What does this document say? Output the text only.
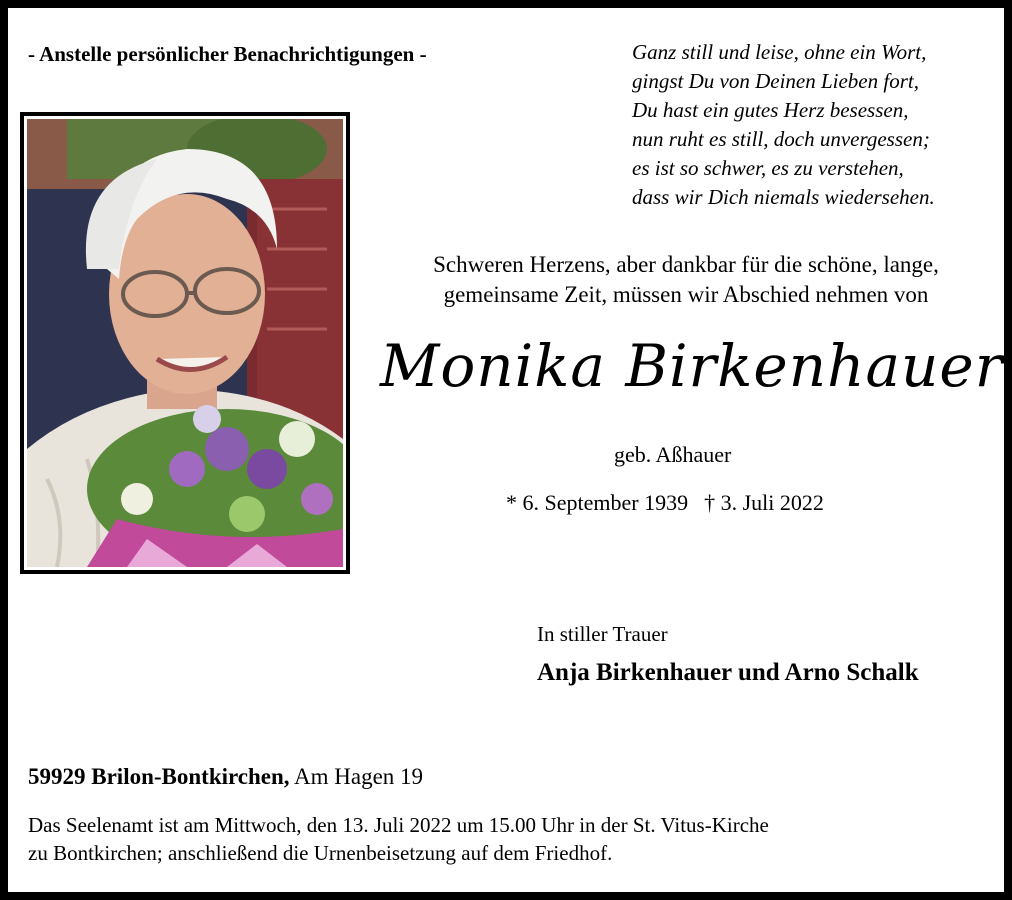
- Anstelle persönlicher Benachrichtigungen -	Ganz still und leise, ohne ein Wort,
gingst Du von Deinen Lieben fort,
Du hast ein gutes Herz besessen,
nun ruht es still, doch unvergessen;
es ist so schwer, es zu verstehen,
dass wir Dich niemals wiedersehen.
Schweren Herzens, aber dankbar für die schöne, lange,
gemeinsame Zeit, müssen wir Abschied nehmen von

Monika Birkenhauer

geb. Aßhauer

* 6. September 1939 † 3. Juli 2022

In stiller Trauer

Anja Birkenhauer und Arno Schalk

59929 Brilon-Bontkirchen, Am Hagen 19

Das Seelenamt ist am Mittwoch, den 13. Juli 2022 um 15.00 Uhr in der St. Vitus-Kirche
zu Bontkirchen; anschließend die Urnenbeisetzung auf dem Friedhof.
